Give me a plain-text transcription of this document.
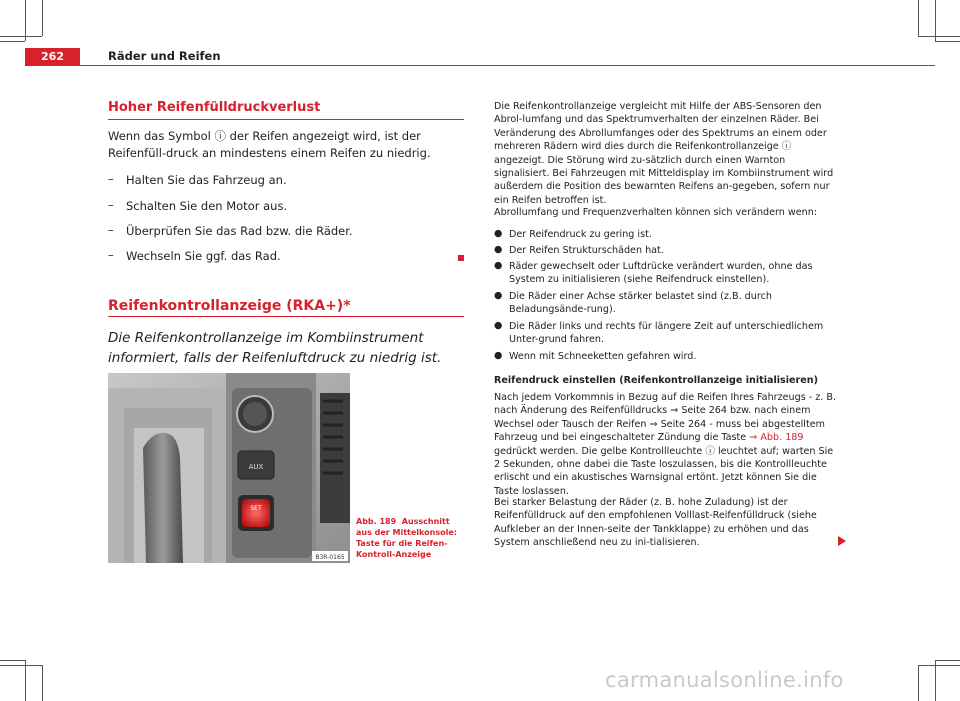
262	Räder und Reifen
Hoher Reifenfülldruckverlust
Wenn das Symbol ⓘ der Reifen angezeigt wird, ist der Reifenfüll-druck an mindestens einem Reifen zu niedrig.
– Halten Sie das Fahrzeug an.
– Schalten Sie den Motor aus.
– Überprüfen Sie das Rad bzw. die Räder.
– Wechseln Sie ggf. das Rad.
Reifenkontrollanzeige (RKA+)*
Die Reifenkontrollanzeige im Kombiinstrument informiert, falls der Reifenluftdruck zu niedrig ist.
AUX
SET
B3R-0165
Abb. 189 Ausschnitt aus der Mittelkonsole: Taste für die Reifen-Kontroll-Anzeige
Die Reifenkontrollanzeige vergleicht mit Hilfe der ABS-Sensoren den Abrol-lumfang und das Spektrumverhalten der einzelnen Räder. Bei Veränderung des Abrollumfanges oder des Spektrums an einem oder mehreren Rädern wird dies durch die Reifenkontrollanzeige ⓘ angezeigt. Die Störung wird zu-sätzlich durch einen Warnton signalisiert. Bei Fahrzeugen mit Mitteldisplay im Kombiinstrument wird außerdem die Position des bewarnten Reifens an-gegeben, sofern nur ein Reifen betroffen ist.
Abrollumfang und Frequenzverhalten können sich verändern wenn:
● Der Reifendruck zu gering ist.
● Der Reifen Strukturschäden hat.
● Räder gewechselt oder Luftdrücke verändert wurden, ohne das System zu initialisieren (siehe Reifendruck einstellen).
● Die Räder einer Achse stärker belastet sind (z.B. durch Beladungsände-rung).
● Die Räder links und rechts für längere Zeit auf unterschiedlichem Unter-grund fahren.
● Wenn mit Schneeketten gefahren wird.
Reifendruck einstellen (Reifenkontrollanzeige initialisieren)
Nach jedem Vorkommnis in Bezug auf die Reifen Ihres Fahrzeugs - z. B. nach Änderung des Reifenfülldrucks ⇒ Seite 264 bzw. nach einem Wechsel oder Tausch der Reifen ⇒ Seite 264 - muss bei abgestelltem Fahrzeug und bei eingeschalteter Zündung die Taste ⇒ Abb. 189 gedrückt werden. Die gelbe Kontrollleuchte ⓘ leuchtet auf; warten Sie 2 Sekunden, ohne dabei die Taste loszulassen, bis die Kontrollleuchte erlischt und ein akustisches Warnsignal ertönt. Jetzt können Sie die Taste loslassen.
Bei starker Belastung der Räder (z. B. hohe Zuladung) ist der Reifenfülldruck auf den empfohlenen Volllast-Reifenfülldruck (siehe Aufkleber an der Innen-seite der Tankklappe) zu erhöhen und das System anschließend neu zu ini-tialisieren.
carmanualsonline.info
